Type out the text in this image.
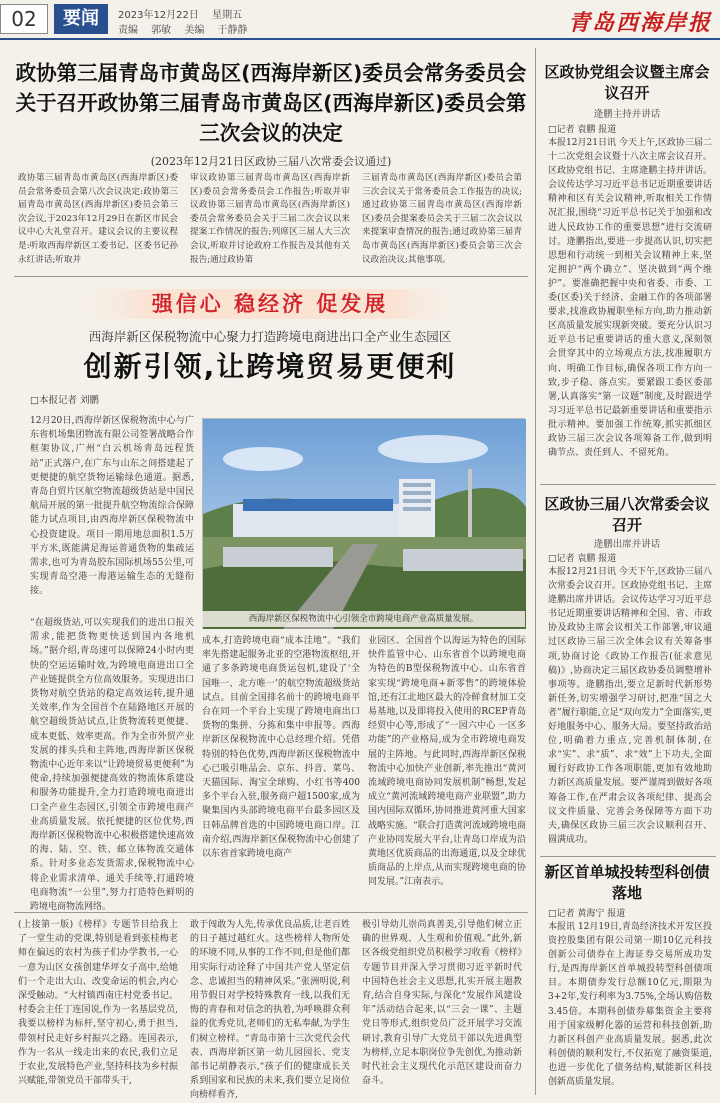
02	要闻	2023年12月22日 星期五
责编 郭敏 美编 于静静	青岛西海岸报
政协第三届青岛市黄岛区(西海岸新区)委员会常务委员会关于召开政协第三届青岛市黄岛区(西海岸新区)委员会第三次会议的决定
(2023年12月21日区政协三届八次常委会议通过)
政协第三届青岛市黄岛区(西海岸新区)委员会常务委员会第八次会议决定:政协第三届青岛市黄岛区(西海岸新区)委员会第三次会议,于2023年12月29日在新区市民会议中心大礼堂召开。建议会议的主要议程是:听取西海岸新区工委书记、区委书记孙永红讲话;听取并
审议政协第三届青岛市黄岛区(西海岸新区)委员会常务委员会工作报告;听取并审议政协第三届青岛市黄岛区(西海岸新区)委员会常务委员会关于三届二次会议以来提案工作情况的报告;列席区三届人大三次会议,听取并讨论政府工作报告及其他有关报告;通过政协第
三届青岛市黄岛区(西海岸新区)委员会第三次会议关于常务委员会工作报告的决议;通过政协第三届青岛市黄岛区(西海岸新区)委员会提案委员会关于三届二次会议以来提案审查情况的报告;通过政协第三届青岛市黄岛区(西海岸新区)委员会第三次会议政治决议;其他事项。
强信心 稳经济 促发展
西海岸新区保税物流中心聚力打造跨境电商进出口全产业生态园区
创新引领,让跨境贸易更便利
□本报记者 刘鹏
12月20日,西海岸新区保税物流中心与广东省机场集团物流有限公司签署战略合作框架协议,广州“白云机场青岛远程货站”正式落户,在广东与山东之间搭建起了更便捷的航空货物运输绿色通道。据悉,青岛自贸片区航空物流超级货站是中国民航局开展的第一批提升航空物流综合保障能力试点项目,由西海岸新区保税物流中心投资建设。项目一期用地总面积1.5万平方米,既能满足海运普通货物的集疏运需求,也可为青岛胶东国际机场55公里,可实现青岛空港一海港运输生态的无缝衔接。
“在超级货站,可以实现我们的进出口报关需求,能把货物更快送到国内各地机场。”据介绍,青岛速可以保障24小时内更快的空运运输时效,为跨境电商进出口全产业链提供全方位高效服务。实现进出口货物对航空货站的稳定高效运转,提升通关效率,作为全国首个在陆路地区开展的航空超级货站试点,让货物流转更便捷、成本更低、效率更高。作为全市外贸产业发展的排头兵和主阵地,西海岸新区保税物流中心近年来以“让跨境贸易更便利”为使命,持续加强便捷高效的物流体系建设和服务功能提升,全力打造跨境电商进出口全产业生态园区,引领全市跨境电商产业高质量发展。依托便捷的区位优势,西海岸新区保税物流中心积极搭建快速高效的海、陆、空、铁、邮立体物流交通体系。针对多业态发货需求,保税物流中心将企业需求清单、通关手续等,打通跨境电商物流“一公里”,努力打造特色鲜明的跨境电商物流网络。
成本,打造跨境电商“成本洼地”。“我们率先搭建起服务北亚的空港物流枢纽,开通了多条跨境电商货运包机,建设了‘全国唯一、北方唯一’的航空物流超级货站试点。目前全国排名前十的跨境电商平台在同一个平台上实现了跨境电商出口货物的集拼、分拣和集中申报等。西海岸新区保税物流中心总经理介绍。凭借特别的特色优势,西海岸新区保税物流中心已吸引唯品会、京东、抖音、菜鸟、天猫国际、淘宝全球购、小红书等400多个平台入驻,服务商户超1500家,成为聚集国内头部跨境电商平台最多园区及日韩品牌首选的中国跨境电商口岸。江南介绍,西海岸新区保税物流中心创建了以东省首家跨境电商产
业园区、全国首个以海运为特色的国际快件监管中心、山东省首个以跨境电商为特色的B型保税物流中心、山东省首家实现“跨境电商+新零售”的跨境体验馆,还有江北地区最大的冷鲜食材加工交易基地,以及即将投入使用的RCEP青岛经贸中心等,形成了“一园六中心 一区多功能”的产业格局,成为全市跨境电商发展的主阵地。与此同时,西海岸新区保税物流中心加快产业创新,率先推出“黄河流域跨境电商协同发展机制”畅想,发起成立“黄河流域跨境电商产业联盟”,助力国内国际双循环,协同推进黄河重大国家战略实施。“联合打造黄河流域跨境电商产业协同发展大平台,让青岛口岸成为沿黄地区优质商品的出海通道,以及全球优质商品的上岸点,从而实现跨境电商的协同发展。”江南表示。
西海岸新区保税物流中心引领全市跨境电商产业高质量发展。
(上接第一版)《榜样》专题节目给我上了一堂生动的党课,特别是看到张桂梅老师在偏远的农村为孩子们办学教书,一心一意为山区女孩创建华坪女子高中,给她们一个走出大山、改变命运的机会,内心深受触动。“大村镇西南庄村党委书记、村委会主任丁连国说,作为一名基层党员,我要以榜样为标杆,坚守初心,勇于担当,带领村民走好乡村振兴之路。连国表示,作为一名从一线走出来的农民,我们立足于农业,发展特色产业,坚持科技为乡村振兴赋能,带领党员干部带头干,
敢于闯敢为人先,传承优良品质,让老百姓的日子越过越红火。这些榜样人物所处的环境不同,从事的工作不同,但是他们都用实际行动诠释了中国共产党人坚定信念、忠诚担当的精神风采。”张洲明说,利用节假日对学校特殊教育一线,以我们无悔的青春和对信念的执着,为呼唤群众利益的优秀党员,老师们的无私奉献,为学生们树立榜样。“青岛市第十三次党代会代表、西海岸新区第一幼儿园园长、党支部书记胡静表示,“孩子们的健康成长关系到国家和民族的未来,我们要立足岗位向榜样看齐,
极引导幼儿崇尚真善美,引导他们树立正确的世界观、人生观和价值观。”此外,新区各级党组织党员积极学习收看《榜样》专题节目并深入学习贯彻习近平新时代中国特色社会主义思想,扎实开展主题教育,结合自身实际,与深化“发展作风建设年”活动结合起来,以“三会一课”、主题党日等形式,组织党员广泛开展学习交流研讨,教育引导广大党员干部以先进典型为榜样,立足本职岗位争先创优,为推动新时代社会主义现代化示范区建设而奋力奋斗。
区政协党组会议暨主席会议召开
逄鹏主持并讲话
□记者 袁鹏 报道
本报12月21日讯 今天上午,区政协三届二十二次党组会议暨十八次主席会议召开。区政协党组书记、主席逄鹏主持并讲话。会议传达学习习近平总书记近期重要讲话精神和区有关会议精神,听取相关工作情况汇报,围绕“习近平总书记关于加强和改进人民政协工作的重要思想”进行交流研讨。逄鹏指出,要进一步提高认识,切实把思想和行动统一到相关会议精神上来,坚定拥护“两个确立”、坚决做到“两个维护”。要准确把握中央和省委、市委、工委(区委)关于经济、金融工作的各项部署要求,找准政协履职坐标方向,助力推动新区高质量发展实现新突破。要充分认识习近平总书记重要讲话的重大意义,深刻领会贯穿其中的立场观点方法,找准履职方向、明确工作目标,确保各项工作方向一致,步子稳、落点实。要紧跟工委区委部署,认真落实“第一议题”制度,及时跟进学习习近平总书记最新重要讲话和重要指示批示精神。要加强工作统筹,抓实抓细区政协三届三次会议各项筹备工作,做到明确节点、责任到人、不留死角。
区政协三届八次常委会议召开
逄鹏出席并讲话
□记者 袁鹏 报道
本报12月21日讯 今天下午,区政协三届八次常委会议召开。区政协党组书记、主席逄鹏出席并讲话。会议传达学习习近平总书记近期重要讲话精神和全国、省、市政协及政协主席会议相关工作部署,审议通过区政协三届三次全体会议有关筹备事项,协商讨论《政协工作报告(征求意见稿)》,协商决定三届区政协委员调整增补事项等。逄鹏指出,要立足新时代新形势新任务,切实增强学习研讨,把准“国之大者”履行职能,立足“双向发力”全面落实,更好地服务中心、服务大局。要坚持政治站位,明确着力重点,完善机制体制,在求“实”、求“质”、求“效”上下功夫,全面履行好政协工作各项职能,更加有效地助力新区高质量发展。要严谨周到做好各项筹备工作,在严肃会议各项纪律、提高会议文件质量、完善会务保障等方面下功夫,确保区政协三届三次会议顺利召开、圆满成功。
新区首单城投转型科创债落地
□记者 黄海宁 报道
本报讯 12月19日,青岛经济技术开发区投资控股集团有限公司第一期10亿元科技创新公司债券在上海证券交易所成功发行,是西海岸新区首单城投转型科创债项目。本期债券发行总额10亿元,期限为3+2年,发行利率为3.75%,全场认购倍数3.45倍。本期科创债券募集资金主要将用于国家级孵化器的运营和科技创新,助力新区科创产业高质量发展。据悉,此次科创债的顺利发行,不仅拓宽了融资渠道,也进一步优化了债务结构,赋能新区科技创新高质量发展。
